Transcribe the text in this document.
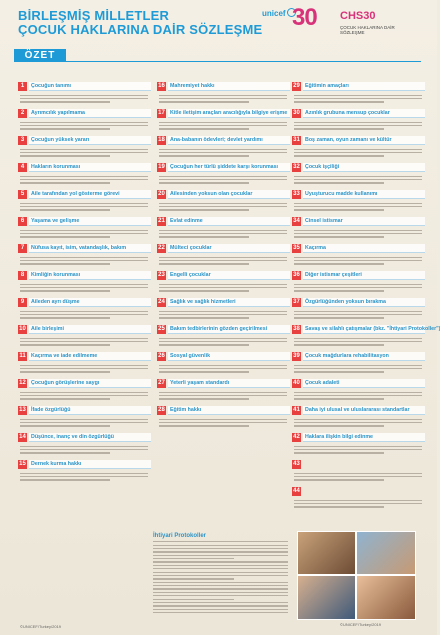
BİRLEŞMİŞ MİLLETLER
ÇOCUK HAKLARINA DAİR SÖZLEŞME
unicef 30 CHS30
ÇOCUK HAKLARINA DAİR SÖZLEŞME
ÖZET
1	Çocuğun tanımı
2	Ayrımcılık yapılmama
3	Çocuğun yüksek yararı
4	Hakların korunması
5	Aile tarafından yol gösterme görevi
6	Yaşama ve gelişme
7	Nüfusa kayıt, isim, vatandaşlık, bakım
8	Kimliğin korunması
9	Aileden ayrı düşme
10 Aile birleşimi
11	Kaçırma ve iade edilmeme
12 Çocuğun görüşlerine saygı
13 İfade özgürlüğü
14 Düşünce, inanç ve din özgürlüğü
15 Dernek kurma hakkı
16 Mahremiyet hakkı
17 Kitle iletişim araçları aracılığıyla bilgiye erişme
18 Ana-babanın ödevleri; devlet yardımı
19 Çocuğun her türlü şiddete karşı korunması
20 Ailesinden yoksun olan çocuklar
21 Evlat edinme
22 Mülteci çocuklar
23 Engelli çocuklar
24 Sağlık ve sağlık hizmetleri
25 Bakım tedbirlerinin gözden geçirilmesi
26 Sosyal güvenlik
27 Yeterli yaşam standardı
28 Eğitim hakkı
29 Eğitimin amaçları
30 Azınlık grubuna mensup çocuklar
31 Boş zaman, oyun zamanı ve kültür
32 Çocuk işçiliği
33 Uyuşturucu madde kullanımı
34 Cinsel istismar
35 Kaçırma
36 Diğer istismar çeşitleri
37 Özgürlüğünden yoksun bırakma
38 Savaş ve silahlı çatışmalar (bkz. "İhtiyari Protokoller")
39 Çocuk mağdurlara rehabilitasyon
40 Çocuk adaleti
41 Daha iyi ulusal ve uluslararası standartlar
42 Haklara ilişkin bilgi edinme
43
44
İhtiyari Protokoller
©UNICEF/Turkey/2019
©UNICEF/Turkey/2019
